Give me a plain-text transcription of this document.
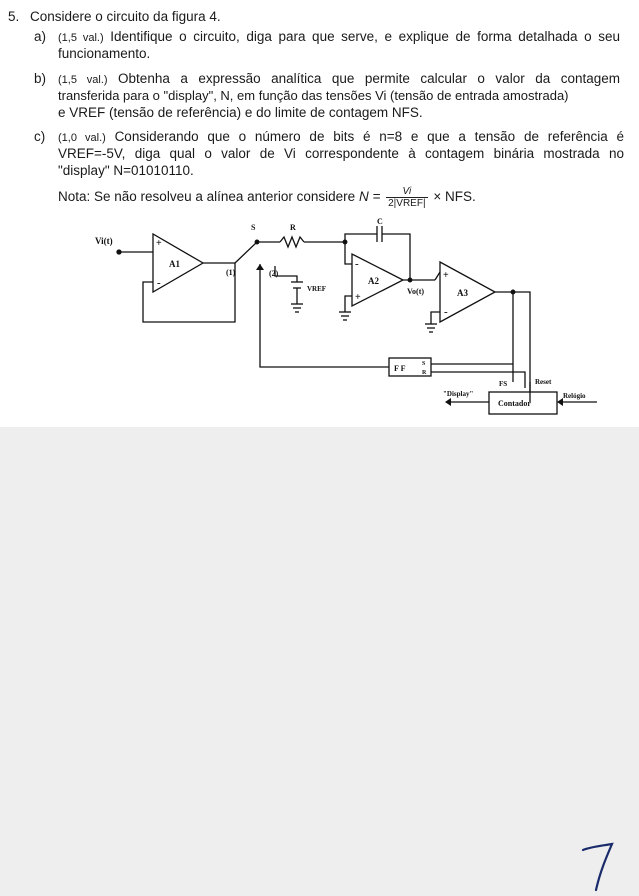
5. Considere o circuito da figura 4.
a) (1,5 val.) Identifique o circuito, diga para que serve, e explique de forma detalhada o seu
funcionamento.
b) (1,5 val.) Obtenha a expressão analítica que permite calcular o valor da contagem
transferida para o "display", N, em função das tensões Vi (tensão de entrada amostrada)
e VREF (tensão de referência) e do limite de contagem NFS.
c) (1,0 val.) Considerando que o número de bits é n=8 e que a tensão de referência é
VREF=-5V, diga qual o valor de Vi correspondente à contagem binária mostrada no
"display" N=01010110.
Nota: Se não resolveu a alínea anterior considere $N = \frac{Vi}{\text{2|VREF|}}$ × NFS.
A1
+
-
Vi(t)
(1)
S	R
(2)
VREF
C
A2
-
+
Vo(t)	A3
+
-
F F	S
R
Contador
FS	Reset
"Display"	Relógio
